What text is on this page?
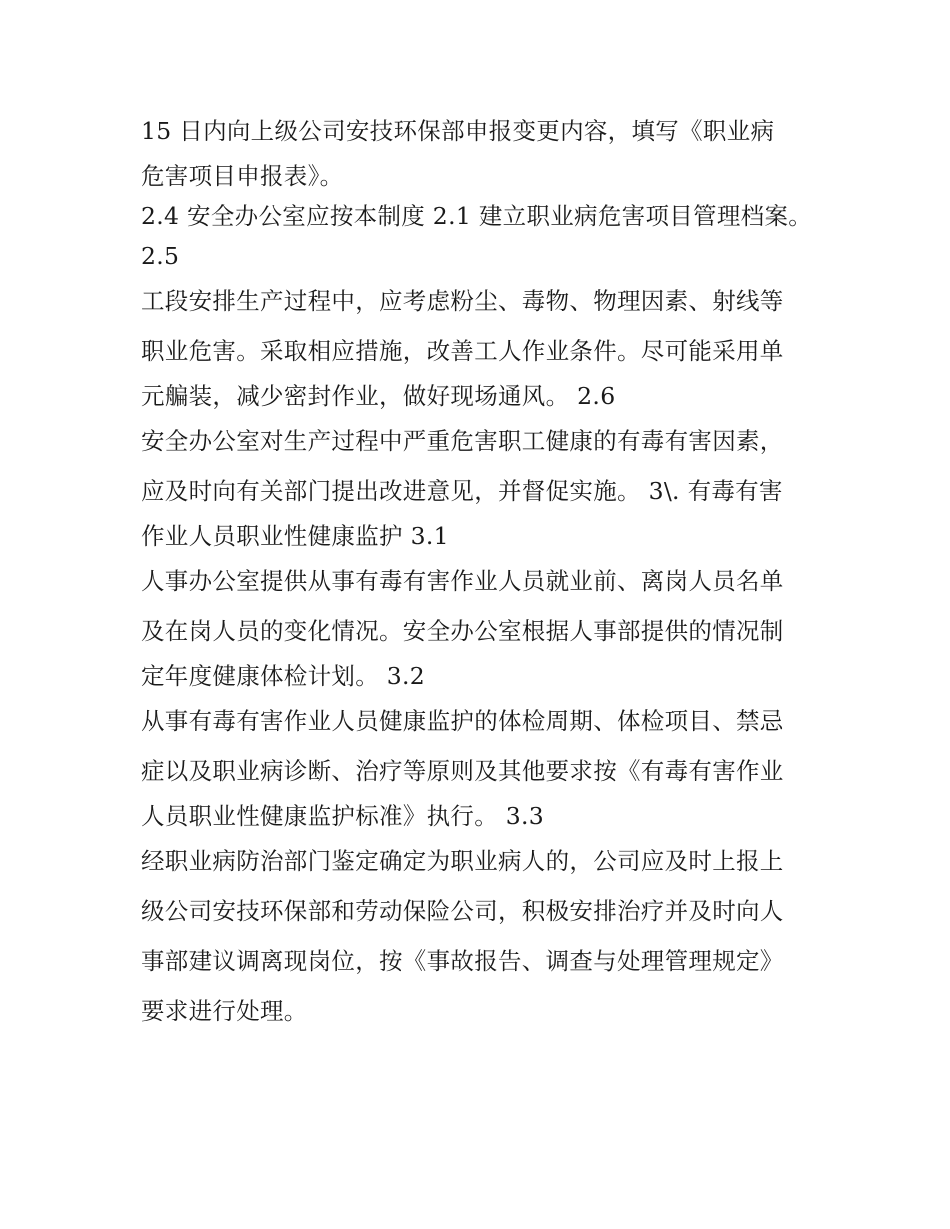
15 日内向上级公司安技环保部申报变更内容，填写《职业病
危害项目申报表》。
2.4 安全办公室应按本制度 2.1 建立职业病危害项目管理档案。
2.5
工段安排生产过程中，应考虑粉尘、毒物、物理因素、射线等
职业危害。采取相应措施，改善工人作业条件。尽可能采用单
元艑装，减少密封作业，做好现场通风。 2.6
安全办公室对生产过程中严重危害职工健康的有毒有害因素，
应及时向有关部门提出改进意见，并督促实施。 3\. 有毒有害
作业人员职业性健康监护 3.1
人事办公室提供从事有毒有害作业人员就业前、离岗人员名单
及在岗人员的变化情况。安全办公室根据人事部提供的情况制
定年度健康体检计划。 3.2
从事有毒有害作业人员健康监护的体检周期、体检项目、禁忌
症以及职业病诊断、治疗等原则及其他要求按《有毒有害作业
人员职业性健康监护标准》执行。 3.3
经职业病防治部门鉴定确定为职业病人的，公司应及时上报上
级公司安技环保部和劳动保险公司，积极安排治疗并及时向人
事部建议调离现岗位，按《事故报告、调查与处理管理规定》
要求进行处理。
